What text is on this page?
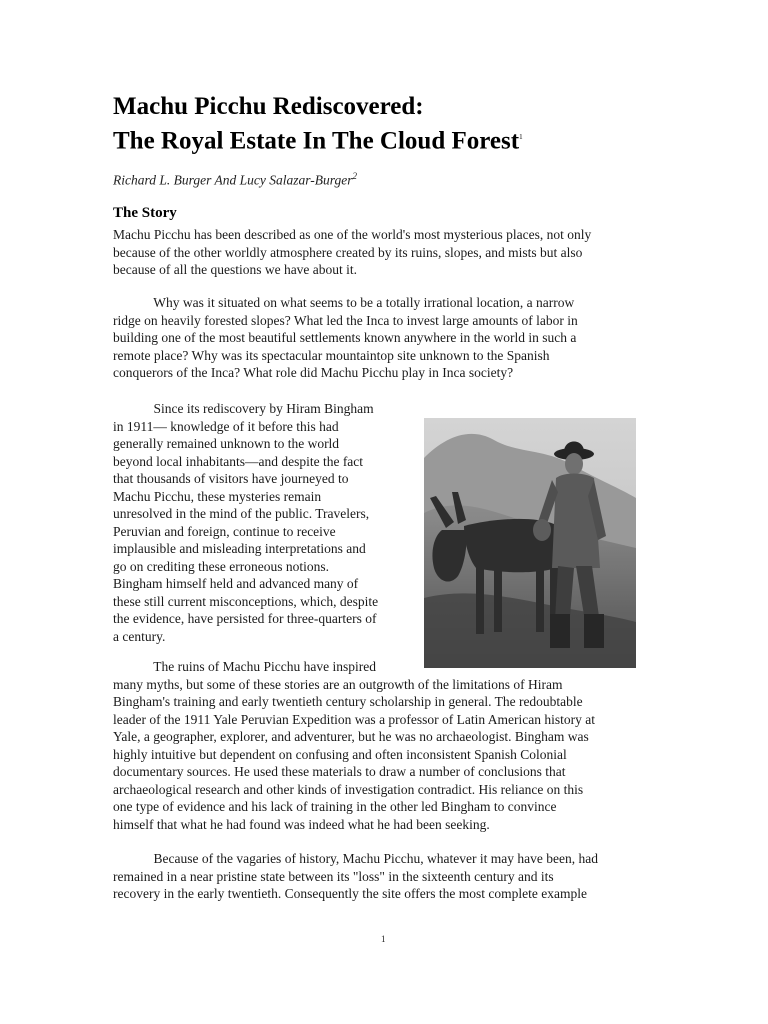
Machu Picchu Rediscovered:
The Royal Estate In The Cloud Forest$^1$

Richard L. Burger And Lucy Salazar-Burger$^2$

The Story

Machu Picchu has been described as one of the world's most mysterious places, not only
because of the other worldly atmosphere created by its ruins, slopes, and mists but also
because of all the questions we have about it.

Why was it situated on what seems to be a totally irrational location, a narrow
ridge on heavily forested slopes? What led the Inca to invest large amounts of labor in
building one of the most beautiful settlements known anywhere in the world in such a
remote place? Why was its spectacular mountaintop site unknown to the Spanish
conquerors of the Inca? What role did Machu Picchu play in Inca society?

Since its rediscovery by Hiram Bingham
in 1911— knowledge of it before this had
generally remained unknown to the world
beyond local inhabitants—and despite the fact
that thousands of visitors have journeyed to
Machu Picchu, these mysteries remain
unresolved in the mind of the public. Travelers,
Peruvian and foreign, continue to receive
implausible and misleading interpretations and
go on crediting these erroneous notions.
Bingham himself held and advanced many of
these still current misconceptions, which, despite
the evidence, have persisted for three-quarters of
a century.

The ruins of Machu Picchu have inspired
many myths, but some of these stories are an outgrowth of the limitations of Hiram
Bingham's training and early twentieth century scholarship in general. The redoubtable
leader of the 1911 Yale Peruvian Expedition was a professor of Latin American history at
Yale, a geographer, explorer, and adventurer, but he was no archaeologist. Bingham was
highly intuitive but dependent on confusing and often inconsistent Spanish Colonial
documentary sources. He used these materials to draw a number of conclusions that
archaeological research and other kinds of investigation contradict. His reliance on this
one type of evidence and his lack of training in the other led Bingham to convince
himself that what he had found was indeed what he had been seeking.

Because of the vagaries of history, Machu Picchu, whatever it may have been, had
remained in a near pristine state between its "loss" in the sixteenth century and its
recovery in the early twentieth. Consequently the site offers the most complete example

1
